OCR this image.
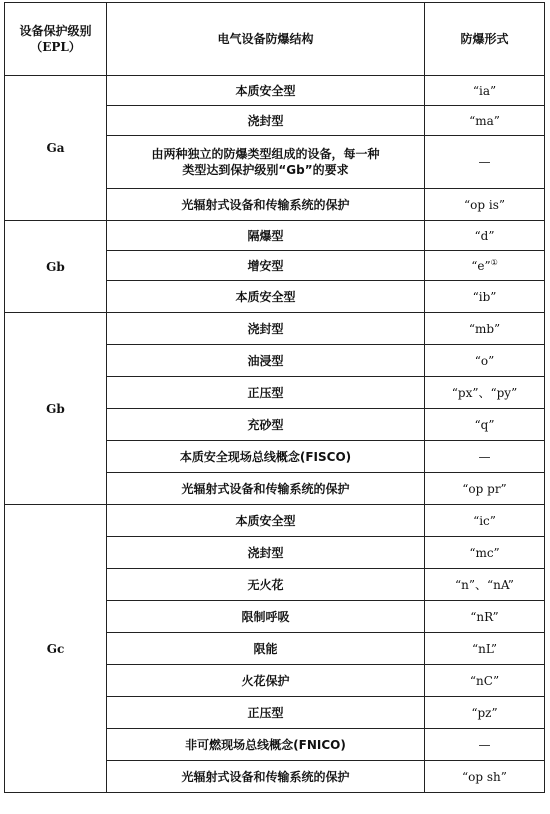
设备保护级别
（EPL）	电气设备防爆结构	防爆形式
Ga	本质安全型	“ia”
	浇封型	“ma”

	由两种独立的防爆类型组成的设备，每一种
类型达到保护级别“Gb”的要求	—
	光辐射式设备和传输系统的保护	“op is”
Gb	隔爆型	“d”
	增安型	“e”①
	本质安全型	“ib”
Gb	浇封型	“mb”
	油浸型	“o”
	正压型	“px”、“py”
	充砂型	“q”
	本质安全现场总线概念(FISCO)	—
	光辐射式设备和传输系统的保护	“op pr”
Gc	本质安全型	“ic”
	浇封型	“mc”
	无火花	“n”、“nA”
	限制呼吸	“nR”
	限能	“nL”
	火花保护	“nC”
	正压型	“pz”
	非可燃现场总线概念(FNICO)	—
	光辐射式设备和传输系统的保护	“op sh”
